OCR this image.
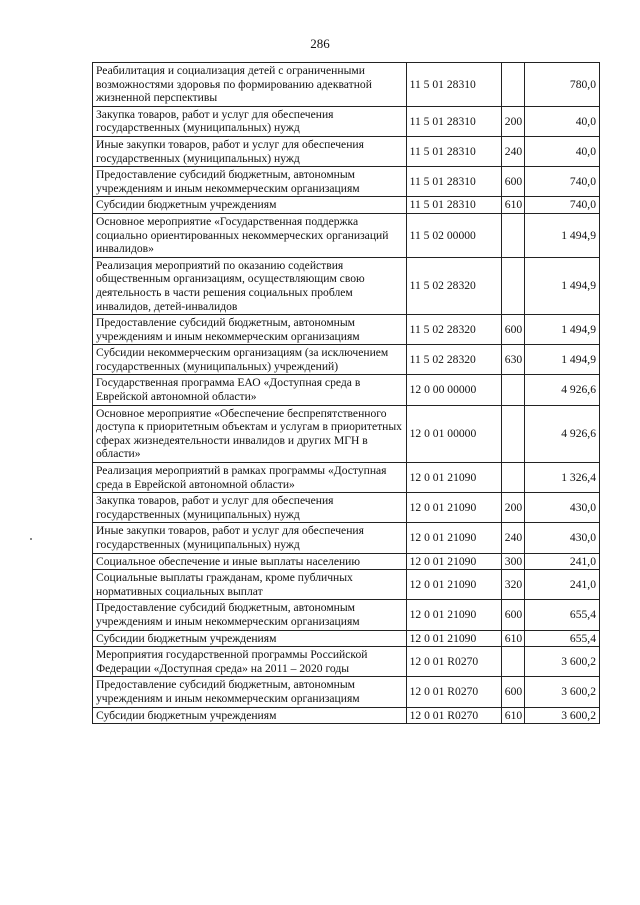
286
Реабилитация и социализация детей с ограниченными возможностями здоровья по формированию адекватной жизненной перспективы	11 5 01 28310		780,0
Закупка товаров, работ и услуг для обеспечения государственных (муниципальных) нужд	11 5 01 28310	200	40,0
Иные закупки товаров, работ и услуг для обеспечения государственных (муниципальных) нужд	11 5 01 28310	240	40,0
Предоставление субсидий бюджетным, автономным учреждениям и иным некоммерческим организациям	11 5 01 28310	600	740,0
Субсидии бюджетным учреждениям	11 5 01 28310	610	740,0
Основное мероприятие «Государственная поддержка социально ориентированных некоммерческих организаций инвалидов»	11 5 02 00000		1 494,9
Реализация мероприятий по оказанию содействия общественным организациям, осуществляющим свою деятельность в части решения социальных проблем инвалидов, детей-инвалидов	11 5 02 28320		1 494,9
Предоставление субсидий бюджетным, автономным учреждениям и иным некоммерческим организациям	11 5 02 28320	600	1 494,9
Субсидии некоммерческим организациям (за исключением государственных (муниципальных) учреждений)	11 5 02 28320	630	1 494,9
Государственная программа ЕАО «Доступная среда в Еврейской автономной области»	12 0 00 00000		4 926,6
Основное мероприятие «Обеспечение беспрепятственного доступа к приоритетным объектам и услугам в приоритетных сферах жизнедеятельности инвалидов и других МГН в области»	12 0 01 00000		4 926,6
Реализация мероприятий в рамках программы «Доступная среда в Еврейской автономной области»	12 0 01 21090		1 326,4
Закупка товаров, работ и услуг для обеспечения государственных (муниципальных) нужд	12 0 01 21090	200	430,0
Иные закупки товаров, работ и услуг для обеспечения государственных (муниципальных) нужд	12 0 01 21090	240	430,0
Социальное обеспечение и иные выплаты населению	12 0 01 21090	300	241,0
Социальные выплаты гражданам, кроме публичных нормативных социальных выплат	12 0 01 21090	320	241,0
Предоставление субсидий бюджетным, автономным учреждениям и иным некоммерческим организациям	12 0 01 21090	600	655,4
Субсидии бюджетным учреждениям	12 0 01 21090	610	655,4
Мероприятия государственной программы Российской Федерации «Доступная среда» на 2011 – 2020 годы	12 0 01 R0270		3 600,2
Предоставление субсидий бюджетным, автономным учреждениям и иным некоммерческим организациям	12 0 01 R0270	600	3 600,2
Субсидии бюджетным учреждениям	12 0 01 R0270	610	3 600,2
